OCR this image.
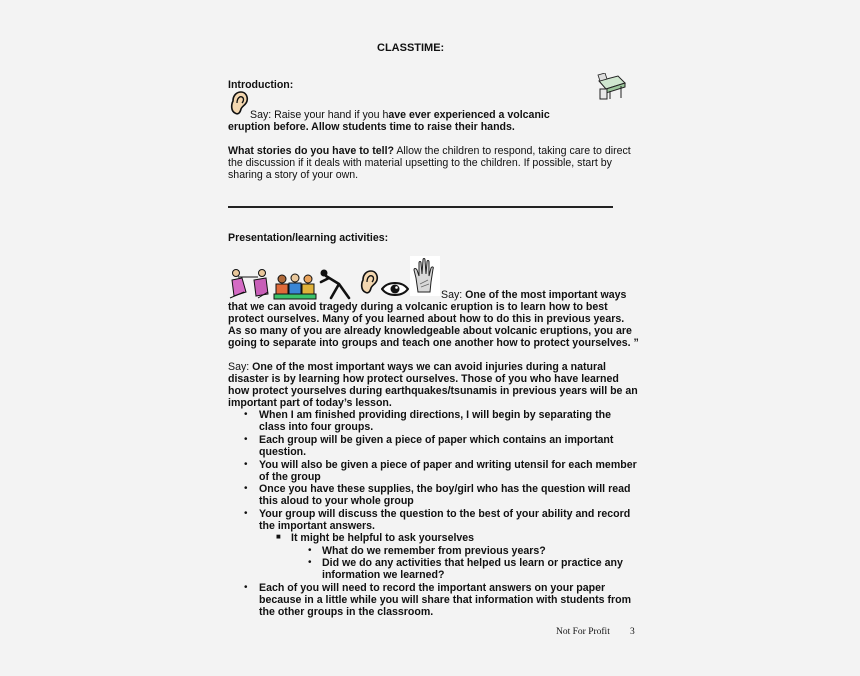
CLASSTIME:
Introduction:
Say: Raise your hand if you have ever experienced a volcanic
eruption before. Allow students time to raise their hands.
What stories do you have to tell? Allow the children to respond, taking care to direct
the discussion if it deals with material upsetting to the children. If possible, start by
sharing a story of your own.
Presentation/learning activities:
Say: One of the most important ways
that we can avoid tragedy during a volcanic eruption is to learn how to best
protect ourselves. Many of you learned about how to do this in previous years.
As so many of you are already knowledgeable about volcanic eruptions, you are
going to separate into groups and teach one another how to protect yourselves. ”
Say: One of the most important ways we can avoid injuries during a natural
disaster is by learning how protect ourselves. Those of you who have learned
how protect yourselves during earthquakes/tsunamis in previous years will be an
important part of today’s lesson.
• When I am finished providing directions, I will begin by separating the
class into four groups.
• Each group will be given a piece of paper which contains an important
question.
• You will also be given a piece of paper and writing utensil for each member
of the group
• Once you have these supplies, the boy/girl who has the question will read
this aloud to your whole group
• Your group will discuss the question to the best of your ability and record
the important answers.
■ It might be helpful to ask yourselves
• What do we remember from previous years?
• Did we do any activities that helped us learn or practice any
information we learned?
• Each of you will need to record the important answers on your paper
because in a little while you will share that information with students from
the other groups in the classroom.
Not For Profit 3
